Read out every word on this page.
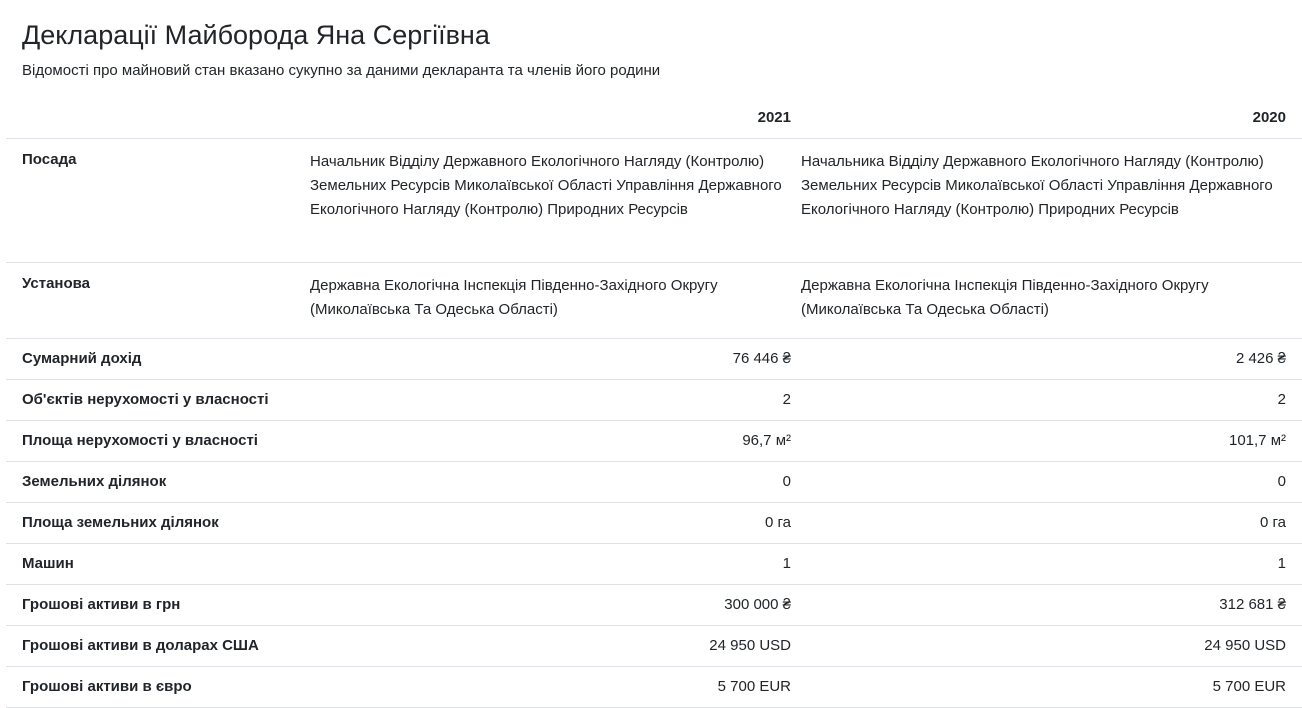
Декларації Майборода Яна Сергіївна

Відомості про майновий стан вказано сукупно за даними декларанта та членів його родини

	2021	2020
Посада	Начальник Відділу Державного Екологічного Нагляду (Контролю) Земельних Ресурсів Миколаївської Області Управління Державного Екологічного Нагляду (Контролю) Природних Ресурсів	Начальника Відділу Державного Екологічного Нагляду (Контролю) Земельних Ресурсів Миколаївської Області Управління Державного Екологічного Нагляду (Контролю) Природних Ресурсів
Установа	Державна Екологічна Інспекція Південно-Західного Округу (Миколаївська Та Одеська Області)	Державна Екологічна Інспекція Південно-Західного Округу (Миколаївська Та Одеська Області)
Сумарний дохід	76 446 ₴	2 426 ₴
Об'єктів нерухомості у власності	2	2
Площа нерухомості у власності	96,7 м²	101,7 м²
Земельних ділянок	0	0
Площа земельних ділянок	0 га	0 га
Машин	1	1
Грошові активи в грн	300 000 ₴	312 681 ₴
Грошові активи в доларах США	24 950 USD	24 950 USD
Грошові активи в євро	5 700 EUR	5 700 EUR
